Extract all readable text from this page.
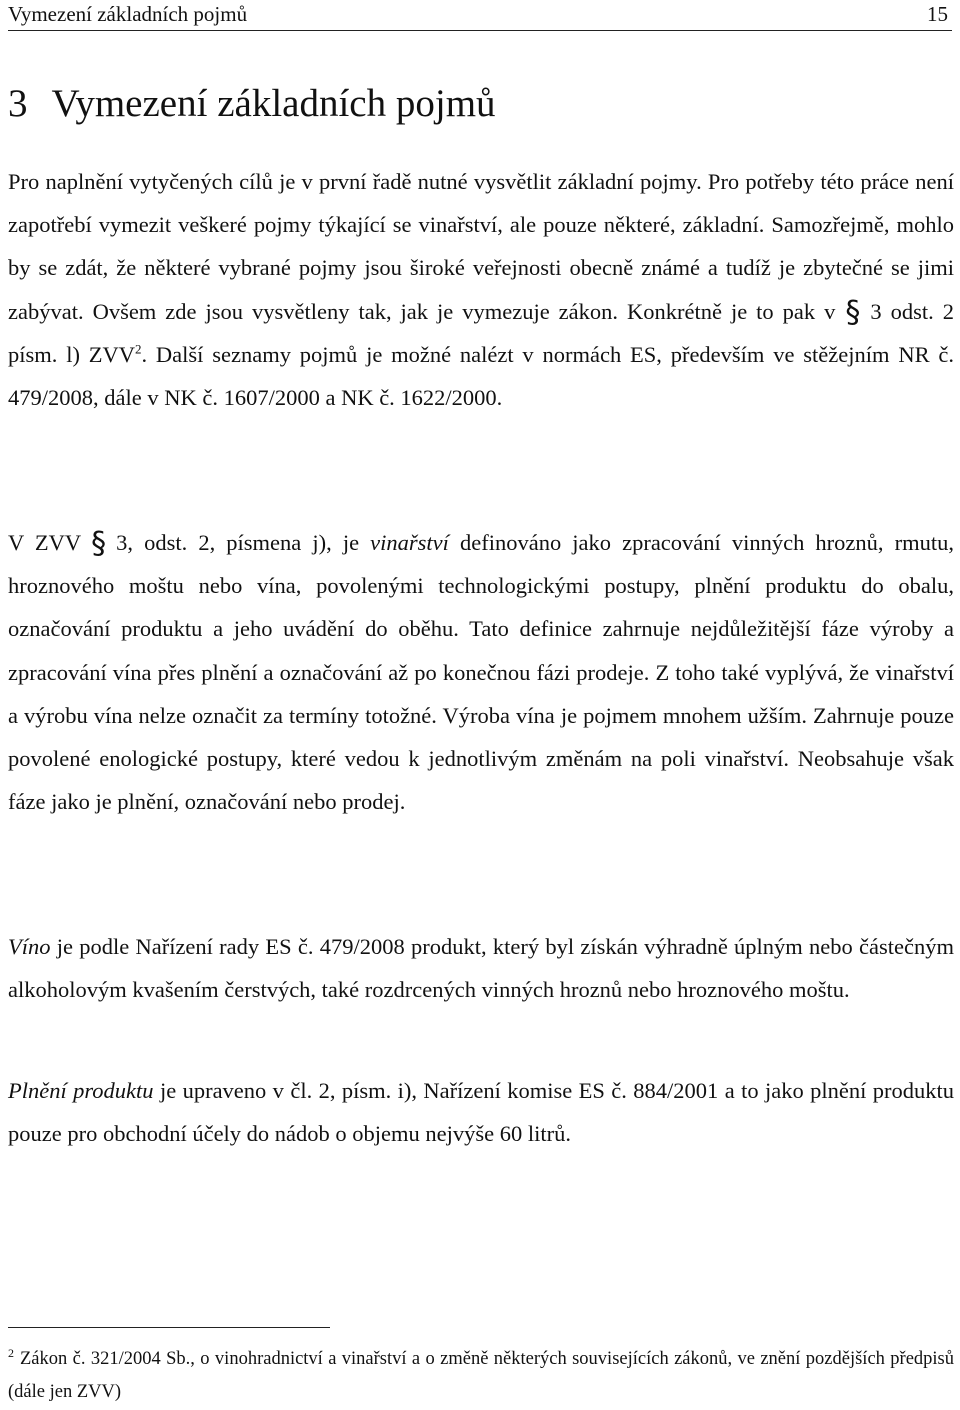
Vymezení základních pojmů	15
3 Vymezení základních pojmů

Pro naplnění vytyčených cílů je v první řadě nutné vysvětlit základní pojmy. Pro potřeby této práce není zapotřebí vymezit veškeré pojmy týkající se vinařství, ale pouze některé, základní. Samozřejmě, mohlo by se zdát, že některé vybrané pojmy jsou široké veřejnosti obecně známé a tudíž je zbytečné se jimi zabývat. Ovšem zde jsou vysvětleny tak, jak je vymezuje zákon. Konkrétně je to pak v § 3 odst. 2 písm. l) ZVV$^2$. Další seznamy pojmů je možné nalézt v normách ES, především ve stěžejním NR č. 479/2008, dále v NK č. 1607/2000 a NK č. 1622/2000.

V ZVV § 3, odst. 2, písmena j), je vinařství definováno jako zpracování vinných hroznů, rmutu, hroznového moštu nebo vína, povolenými technologickými postupy, plnění produktu do obalu, označování produktu a jeho uvádění do oběhu. Tato definice zahrnuje nejdůležitější fáze výroby a zpracování vína přes plnění a označování až po konečnou fázi prodeje. Z toho také vyplývá, že vinařství a výrobu vína nelze označit za termíny totožné. Výroba vína je pojmem mnohem užším. Zahrnuje pouze povolené enologické postupy, které vedou k jednotlivým změnám na poli vinařství. Neobsahuje však fáze jako je plnění, označování nebo prodej.

Víno je podle Nařízení rady ES č. 479/2008 produkt, který byl získán výhradně úplným nebo částečným alkoholovým kvašením čerstvých, také rozdrcených vinných hroznů nebo hroznového moštu.

Plnění produktu je upraveno v čl. 2, písm. i), Nařízení komise ES č. 884/2001 a to jako plnění produktu pouze pro obchodní účely do nádob o objemu nejvýše 60 litrů.

$^2$ Zákon č. 321/2004 Sb., o vinohradnictví a vinařství a o změně některých souvisejících zákonů, ve znění pozdějších předpisů (dále jen ZVV)
